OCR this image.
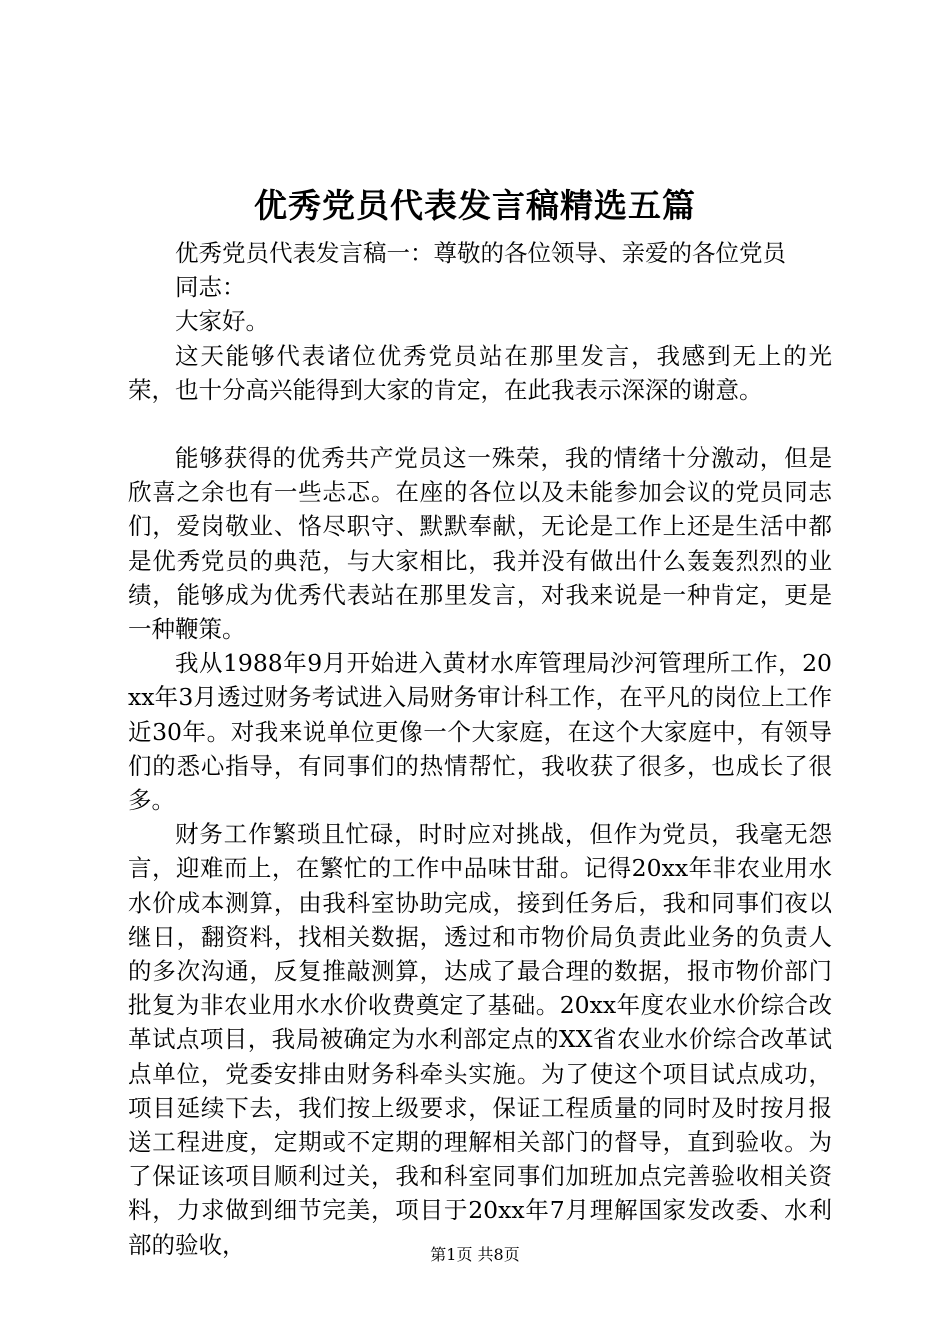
优秀党员代表发言稿精选五篇

优秀党员代表发言稿一：尊敬的各位领导、亲爱的各位党员

同志：

大家好。

这天能够代表诸位优秀党员站在那里发言，我感到无上的光荣，也十分高兴能得到大家的肯定，在此我表示深深的谢意。

能够获得的优秀共产党员这一殊荣，我的情绪十分激动，但是欣喜之余也有一些忐忑。在座的各位以及未能参加会议的党员同志们，爱岗敬业、恪尽职守、默默奉献，无论是工作上还是生活中都是优秀党员的典范，与大家相比，我并没有做出什么轰轰烈烈的业绩，能够成为优秀代表站在那里发言，对我来说是一种肯定，更是一种鞭策。

我从1988年9月开始进入黄材水库管理局沙河管理所工作，20xx年3月透过财务考试进入局财务审计科工作，在平凡的岗位上工作近30年。对我来说单位更像一个大家庭，在这个大家庭中，有领导们的悉心指导，有同事们的热情帮忙，我收获了很多，也成长了很多。

财务工作繁琐且忙碌，时时应对挑战，但作为党员，我毫无怨言，迎难而上，在繁忙的工作中品味甘甜。记得20xx年非农业用水水价成本测算，由我科室协助完成，接到任务后，我和同事们夜以继日，翻资料，找相关数据，透过和市物价局负责此业务的负责人的多次沟通，反复推敲测算，达成了最合理的数据，报市物价部门批复为非农业用水水价收费奠定了基础。20xx年度农业水价综合改革试点项目，我局被确定为水利部定点的XX省农业水价综合改革试点单位，党委安排由财务科牵头实施。为了使这个项目试点成功，项目延续下去，我们按上级要求，保证工程质量的同时及时按月报送工程进度，定期或不定期的理解相关部门的督导，直到验收。为了保证该项目顺利过关，我和科室同事们加班加点完善验收相关资料，力求做到细节完美，项目于20xx年7月理解国家发改委、水利部的验收，	第1页 共8页
